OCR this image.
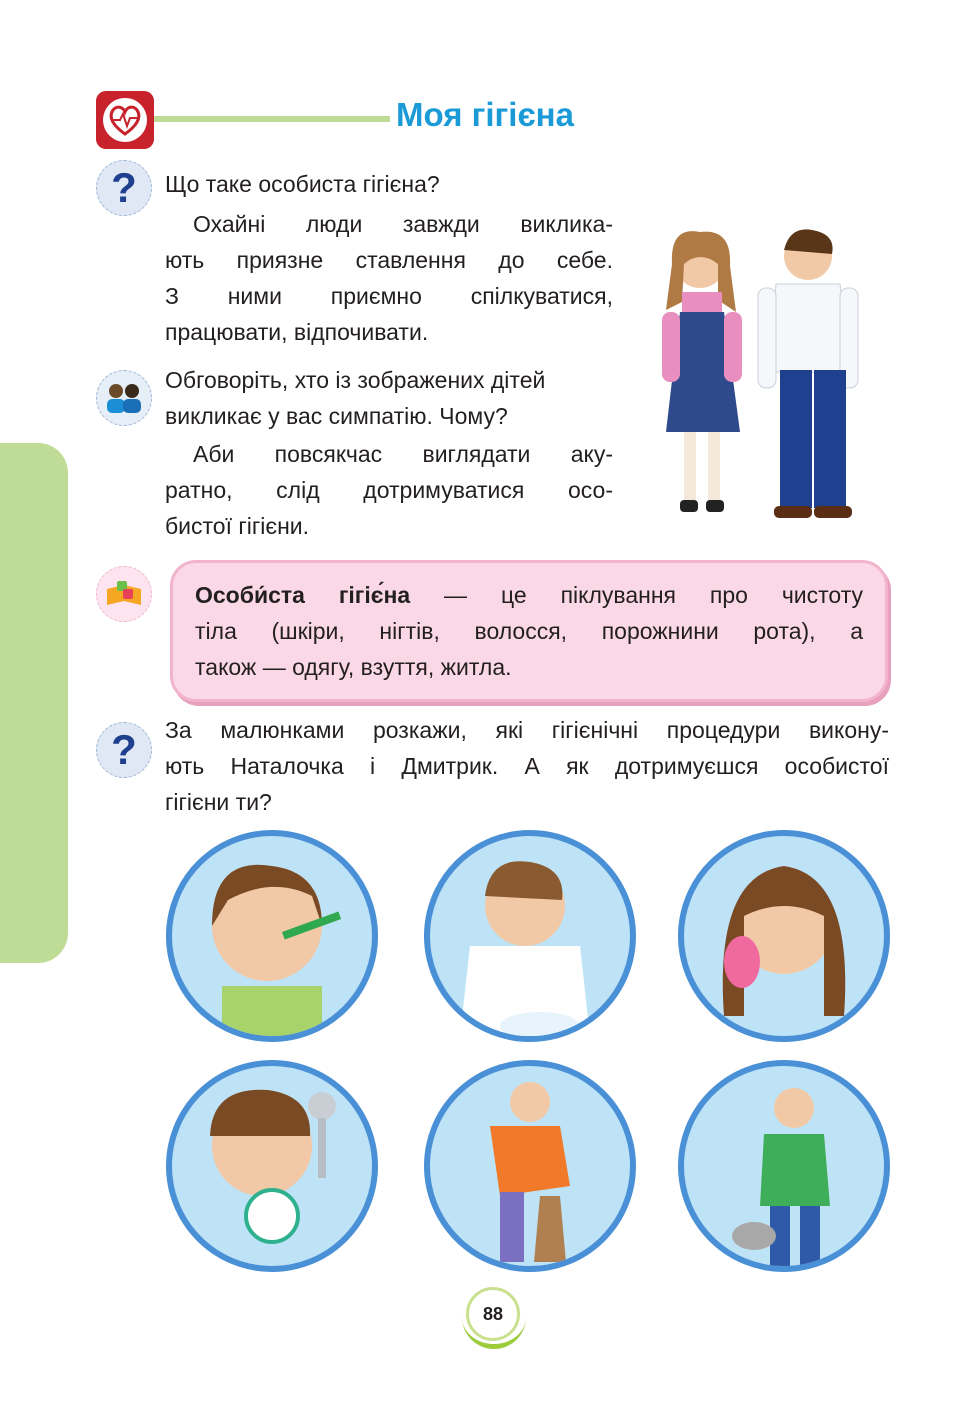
Моя гігієна
?	Що таке особиста гігієна?
Охайні люди завжди виклика-
ють приязне ставлення до себе.
З ними приємно спілкуватися,
працювати, відпочивати.
Обговоріть, хто із зображених дітей
викликає у вас симпатію. Чому?
Аби повсякчас виглядати аку-
ратно, слід дотримуватися осо-
бистої гігієни.
Особи́ста гігіє́на — це піклування про чистоту
тіла (шкіри, нігтів, волосся, порожнини рота), а
також — одягу, взуття, житла.
?	За малюнками розкажи, які гігієнічні процедури викону-
ють Наталочка і Дмитрик. А як дотримуєшся особистої
гігієни ти?
88
